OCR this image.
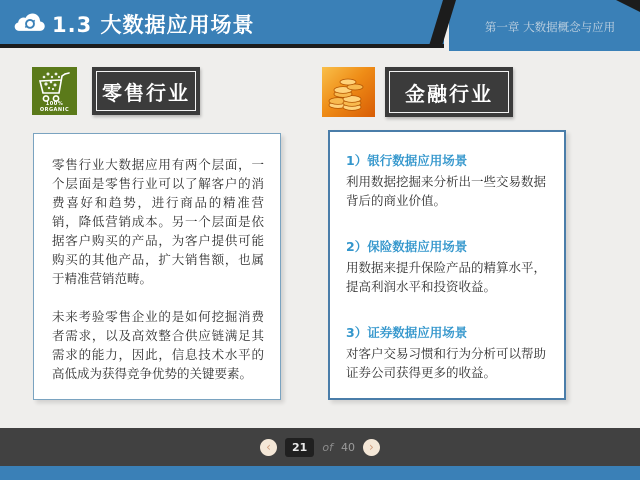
1.3 大数据应用场景	第一章 大数据概念与应用
100% ORGANIC
零售行业	金融行业

零售行业大数据应用有两个层面，一个层面是零售行业可以了解客户的消费喜好和趋势，进行商品的精准营销，降低营销成本。另一个层面是依据客户购买的产品，为客户提供可能购买的其他产品，扩大销售额，也属于精准营销范畴。

未来考验零售企业的是如何挖掘消费者需求，以及高效整合供应链满足其需求的能力，因此，信息技术水平的高低成为获得竞争优势的关键要素。

1）银行数据应用场景

利用数据挖掘来分析出一些交易数据背后的商业价值。

2）保险数据应用场景

用数据来提升保险产品的精算水平，提高利润水平和投资收益。

3）证券数据应用场景

对客户交易习惯和行为分析可以帮助证券公司获得更多的收益。

‹	21	of 40	›
